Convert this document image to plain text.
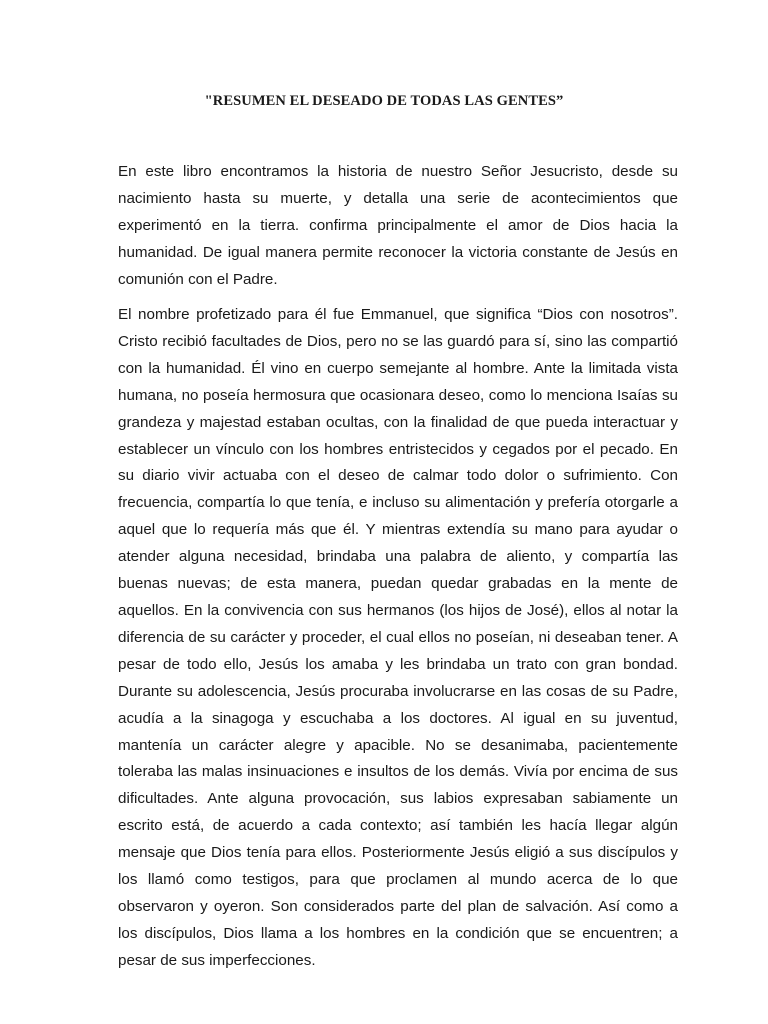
"RESUMEN EL DESEADO DE TODAS LAS GENTES”

En este libro encontramos la historia de nuestro Señor Jesucristo, desde su nacimiento hasta su muerte, y detalla una serie de acontecimientos que experimentó en la tierra. confirma principalmente el amor de Dios hacia la humanidad. De igual manera permite reconocer la victoria constante de Jesús en comunión con el Padre.

El nombre profetizado para él fue Emmanuel, que significa “Dios con nosotros”. Cristo recibió facultades de Dios, pero no se las guardó para sí, sino las compartió con la humanidad. Él vino en cuerpo semejante al hombre. Ante la limitada vista humana, no poseía hermosura que ocasionara deseo, como lo menciona Isaías su grandeza y majestad estaban ocultas, con la finalidad de que pueda interactuar y establecer un vínculo con los hombres entristecidos y cegados por el pecado. En su diario vivir actuaba con el deseo de calmar todo dolor o sufrimiento. Con frecuencia, compartía lo que tenía, e incluso su alimentación y prefería otorgarle a aquel que lo requería más que él. Y mientras extendía su mano para ayudar o atender alguna necesidad, brindaba una palabra de aliento, y compartía las buenas nuevas; de esta manera, puedan quedar grabadas en la mente de aquellos. En la convivencia con sus hermanos (los hijos de José), ellos al notar la diferencia de su carácter y proceder, el cual ellos no poseían, ni deseaban tener. A pesar de todo ello, Jesús los amaba y les brindaba un trato con gran bondad. Durante su adolescencia, Jesús procuraba involucrarse en las cosas de su Padre, acudía a la sinagoga y escuchaba a los doctores. Al igual en su juventud, mantenía un carácter alegre y apacible. No se desanimaba, pacientemente toleraba las malas insinuaciones e insultos de los demás. Vivía por encima de sus dificultades. Ante alguna provocación, sus labios expresaban sabiamente un escrito está, de acuerdo a cada contexto; así también les hacía llegar algún mensaje que Dios tenía para ellos. Posteriormente Jesús eligió a sus discípulos y los llamó como testigos, para que proclamen al mundo acerca de lo que observaron y oyeron. Son considerados parte del plan de salvación. Así como a los discípulos, Dios llama a los hombres en la condición que se encuentren; a pesar de sus imperfecciones.
